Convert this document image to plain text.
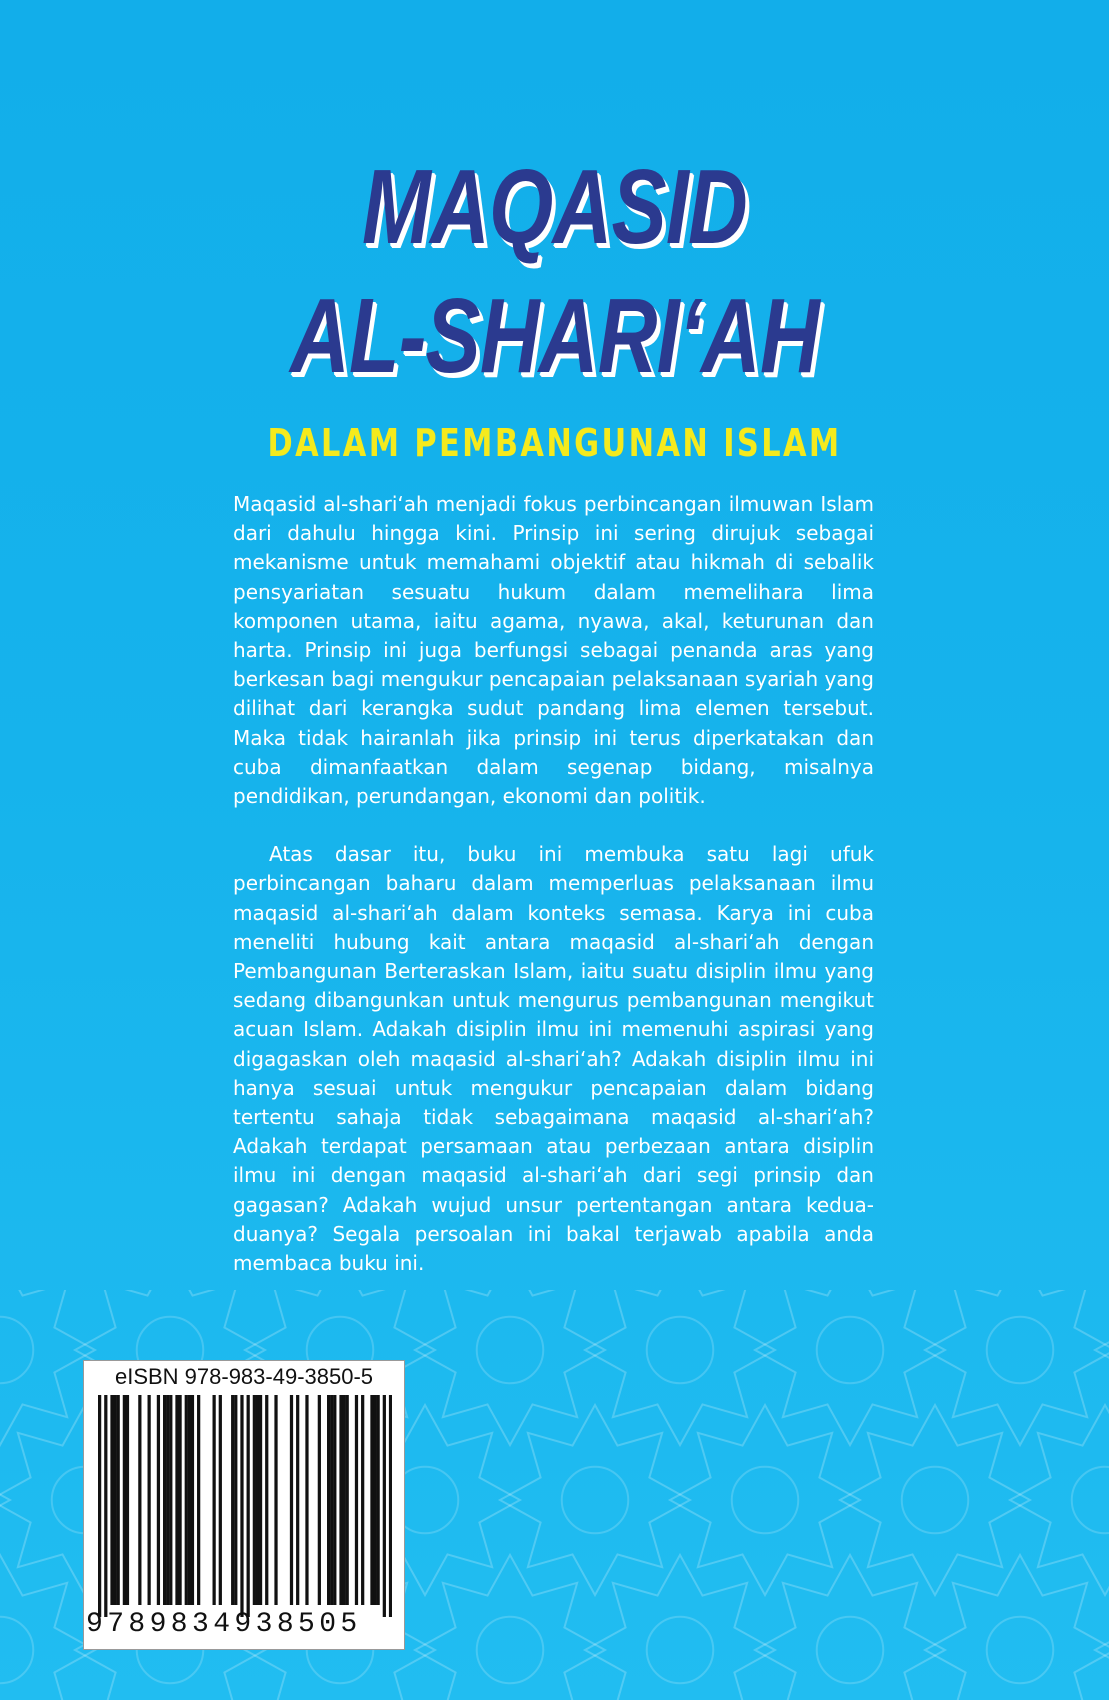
MAQASID
AL-SHARI‘AH
DALAM PEMBANGUNAN ISLAM

Maqasid al-shari‘ah menjadi fokus perbincangan ilmuwan Islam dari dahulu hingga kini. Prinsip ini sering dirujuk sebagai mekanisme untuk memahami objektif atau hikmah di sebalik pensyariatan sesuatu hukum dalam memelihara lima komponen utama, iaitu agama, nyawa, akal, keturunan dan harta. Prinsip ini juga berfungsi sebagai penanda aras yang berkesan bagi mengukur pencapaian pelaksanaan syariah yang dilihat dari kerangka sudut pandang lima elemen tersebut. Maka tidak hairanlah jika prinsip ini terus diperkatakan dan cuba dimanfaatkan dalam segenap bidang, misalnya pendidikan, perundangan, ekonomi dan politik.

Atas dasar itu, buku ini membuka satu lagi ufuk perbincangan baharu dalam memperluas pelaksanaan ilmu maqasid al-shari‘ah dalam konteks semasa. Karya ini cuba meneliti hubung kait antara maqasid al-shari‘ah dengan Pembangunan Berteraskan Islam, iaitu suatu disiplin ilmu yang sedang dibangunkan untuk mengurus pembangunan mengikut acuan Islam. Adakah disiplin ilmu ini memenuhi aspirasi yang digagaskan oleh maqasid al-shari‘ah? Adakah disiplin ilmu ini hanya sesuai untuk mengukur pencapaian dalam bidang tertentu sahaja tidak sebagaimana maqasid al-shari‘ah? Adakah terdapat persamaan atau perbezaan antara disiplin ilmu ini dengan maqasid al-shari‘ah dari segi prinsip dan gagasan? Adakah wujud unsur pertentangan antara kedua-duanya? Segala persoalan ini bakal terjawab apabila anda membaca buku ini.

eISBN 978-983-49-3850-5
9789834938505
